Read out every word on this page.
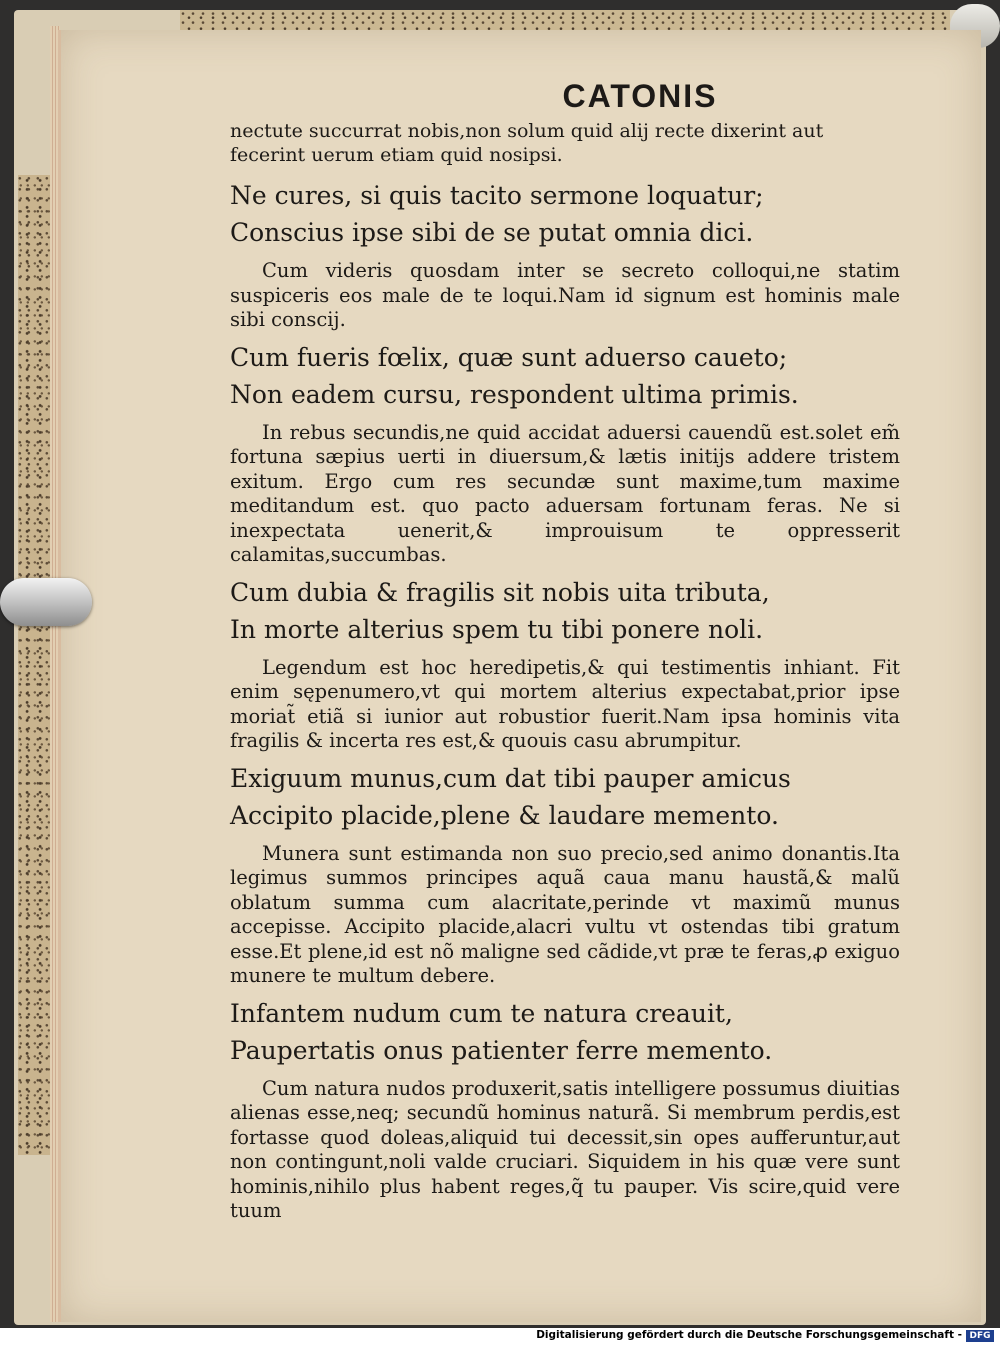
CATONIS

nectute succurrat nobis,non solum quid alij recte dixerint aut fecerint uerum etiam quid nosipsi.

Ne cures, si quis tacito sermone loquatur;

Conscius ipse sibi de se putat omnia dici.

Cum videris quosdam inter se secreto colloqui,ne statim suspiceris eos male de te loqui.Nam id signum est hominis male sibi conscij.

Cum fueris fœlix, quæ sunt aduerso caueto;

Non eadem cursu, respondent ultima primis.

In rebus secundis,ne quid accidat aduersi cauendũ est.solet em̃ fortuna sæpius uerti in diuersum,& lætis initijs addere tristem exitum. Ergo cum res secundæ sunt maxime,tum maxime meditandum est. quo pacto aduersam fortunam feras. Ne si inexpectata uenerit,& improuisum te oppresserit calamitas,succumbas.

Cum dubia & fragilis sit nobis uita tributa,

In morte alterius spem tu tibi ponere noli.

Legendum est hoc heredipetis,& qui testimentis inhiant. Fit enim sępenumero,vt qui mortem alterius expectabat,prior ipse moriat̃ etiã si iunior aut robustior fuerit.Nam ipsa hominis vita fragilis & incerta res est,& quouis casu abrumpitur.

Exiguum munus,cum dat tibi pauper amicus

Accipito placide,plene & laudare memento.

Munera sunt estimanda non suo precio,sed animo donantis.Ita legimus summos principes aquã caua manu haustã,& malũ oblatum summa cum alacritate,perinde vt maximũ munus accepisse. Accipito placide,alacri vultu vt ostendas tibi gratum esse.Et plene,id est nõ maligne sed cãdide,vt præ te feras,ꝓ exiguo munere te multum debere.

Infantem nudum cum te natura creauit,

Paupertatis onus patienter ferre memento.

Cum natura nudos produxerit,satis intelligere possumus diuitias alienas esse,neq; secundũ hominus naturã. Si membrum perdis,est fortasse quod doleas,aliquid tui decessit,sin opes aufferuntur,aut non contingunt,noli valde cruciari. Siquidem in his quæ vere sunt hominis,nihilo plus habent reges,q̃ tu pauper. Vis scire,quid vere tuum

Digitalisierung gefördert durch die Deutsche Forschungsgemeinschaft - DFG
